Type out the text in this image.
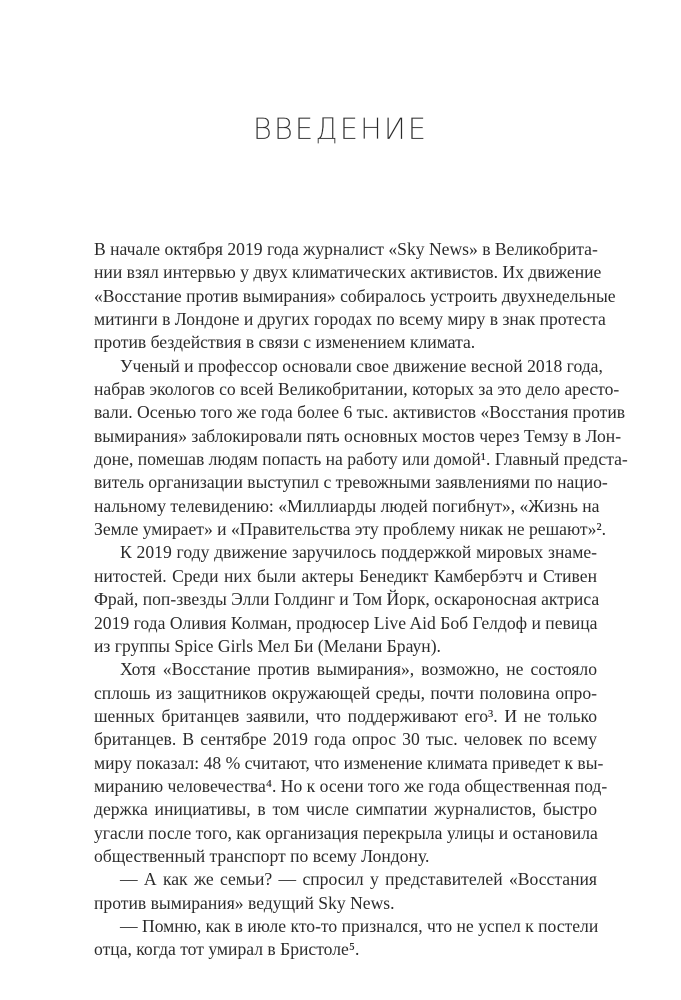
ВВЕДЕНИЕ
В начале октября 2019 года журналист «Sky News» в Великобрита-
нии взял интервью у двух климатических активистов. Их движение
«Восстание против вымирания» собиралось устроить двухнедельные
митинги в Лондоне и других городах по всему миру в знак протеста
против бездействия в связи с изменением климата.
Ученый и профессор основали свое движение весной 2018 года,
набрав экологов со всей Великобритании, которых за это дело аресто-
вали. Осенью того же года более 6 тыс. активистов «Восстания против
вымирания» заблокировали пять основных мостов через Темзу в Лон-
доне, помешав людям попасть на работу или домой¹. Главный предста-
витель организации выступил с тревожными заявлениями по нацио-
нальному телевидению: «Миллиарды людей погибнут», «Жизнь на
Земле умирает» и «Правительства эту проблему никак не решают»².
К 2019 году движение заручилось поддержкой мировых знаме-
нитостей. Среди них были актеры Бенедикт Камбербэтч и Стивен
Фрай, поп-звезды Элли Голдинг и Том Йорк, оскароносная актриса
2019 года Оливия Колман, продюсер Live Aid Боб Гелдоф и певица
из группы Spice Girls Мел Би (Мелани Браун).
Хотя «Восстание против вымирания», возможно, не состояло
сплошь из защитников окружающей среды, почти половина опро-
шенных британцев заявили, что поддерживают его³. И не только
британцев. В сентябре 2019 года опрос 30 тыс. человек по всему
миру показал: 48 % считают, что изменение климата приведет к вы-
миранию человечества⁴. Но к осени того же года общественная под-
держка инициативы, в том числе симпатии журналистов, быстро
угасли после того, как организация перекрыла улицы и остановила
общественный транспорт по всему Лондону.
— А как же семьи? — спросил у представителей «Восстания
против вымирания» ведущий Sky News.
— Помню, как в июле кто-то признался, что не успел к постели
отца, когда тот умирал в Бристоле⁵.
